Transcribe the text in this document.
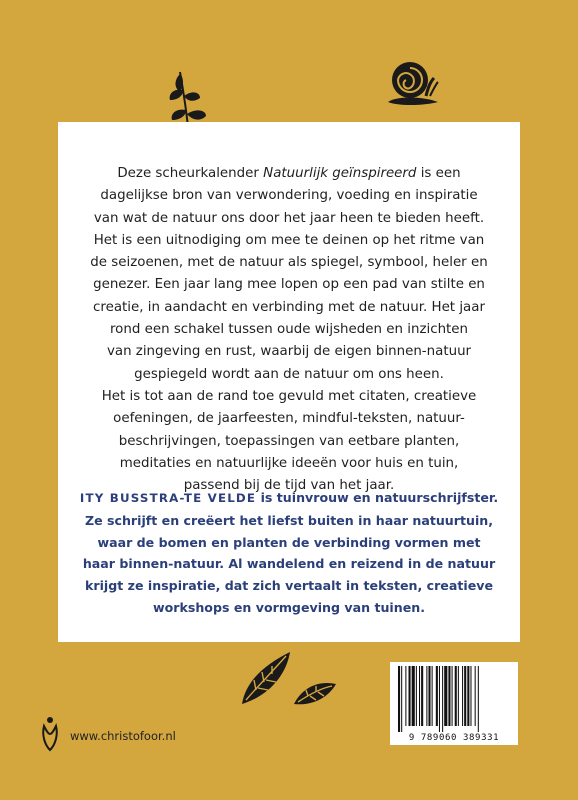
Deze scheurkalender Natuurlijk geïnspireerd is een
dagelijkse bron van verwondering, voeding en inspiratie
van wat de natuur ons door het jaar heen te bieden heeft.
Het is een uitnodiging om mee te deinen op het ritme van
de seizoenen, met de natuur als spiegel, symbool, heler en
genezer. Een jaar lang mee lopen op een pad van stilte en
creatie, in aandacht en verbinding met de natuur. Het jaar
rond een schakel tussen oude wijsheden en inzichten
van zingeving en rust, waarbij de eigen binnen-natuur
gespiegeld wordt aan de natuur om ons heen.
Het is tot aan de rand toe gevuld met citaten, creatieve
oefeningen, de jaarfeesten, mindful-teksten, natuur-
beschrijvingen, toepassingen van eetbare planten,
meditaties en natuurlijke ideeën voor huis en tuin,
passend bij de tijd van het jaar.
ITY BUSSTRA-TE VELDE is tuinvrouw en natuurschrijfster.
Ze schrijft en creëert het liefst buiten in haar natuurtuin,
waar de bomen en planten de verbinding vormen met
haar binnen-natuur. Al wandelend en reizend in de natuur
krijgt ze inspiratie, dat zich vertaalt in teksten, creatieve
workshops en vormgeving van tuinen.
9 789060 389331
www.christofoor.nl
